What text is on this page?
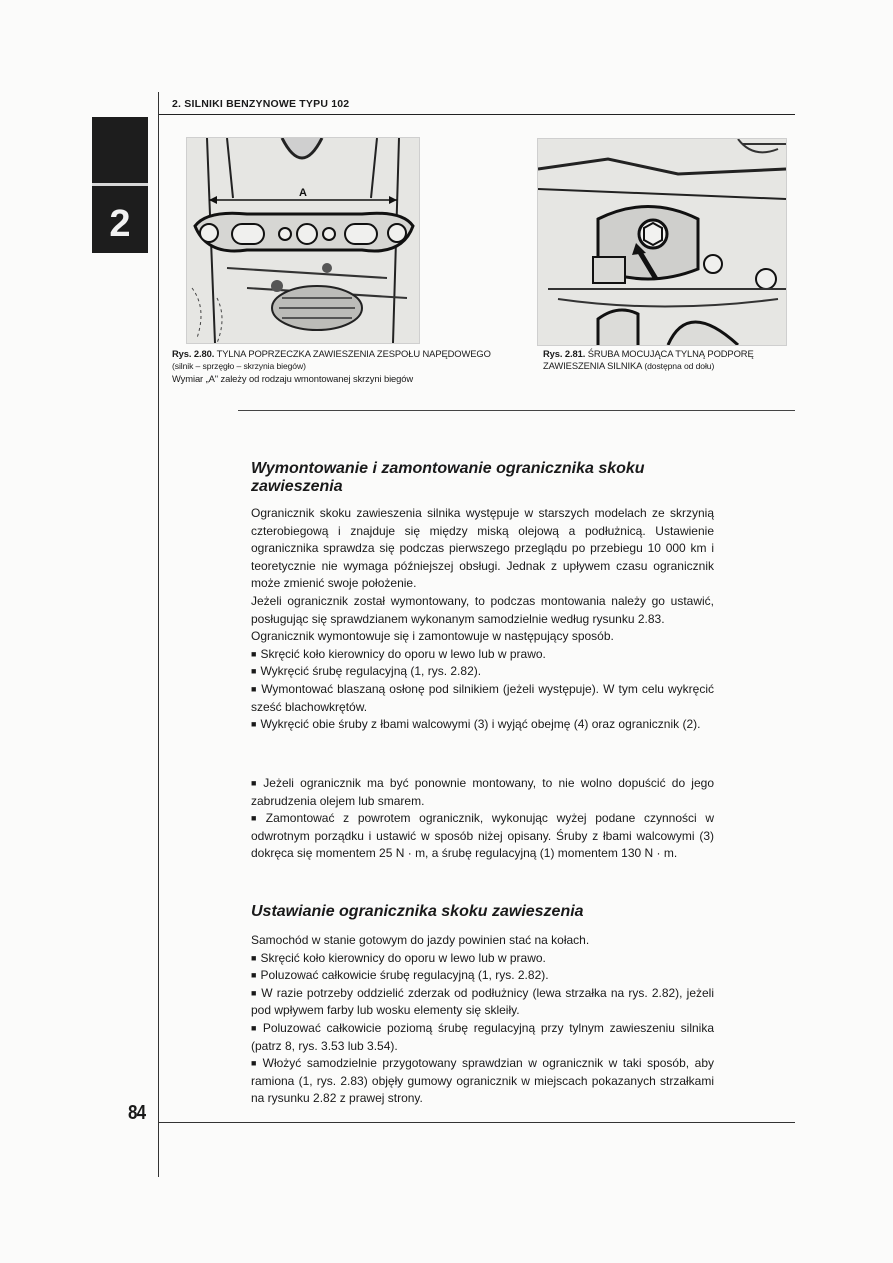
2. SILNIKI BENZYNOWE TYPU 102
2
A
Rys. 2.80. TYLNA POPRZECZKA ZAWIESZENIA ZESPOŁU NAPĘDOWEGO (silnik – sprzęgło – skrzynia biegów)
Wymiar „A" zależy od rodzaju wmontowanej skrzyni biegów
Rys. 2.81. ŚRUBA MOCUJĄCA TYLNĄ PODPORĘ ZAWIESZENIA SILNIKA (dostępna od dołu)
Wymontowanie i zamontowanie ogranicznika skoku zawieszenia

Ogranicznik skoku zawieszenia silnika występuje w starszych modelach ze skrzynią czterobiegową i znajduje się między miską olejową a podłużnicą. Ustawienie ogranicznika sprawdza się podczas pierwszego przeglądu po przebiegu 10 000 km i teoretycznie nie wymaga późniejszej obsługi. Jednak z upływem czasu ogranicznik może zmienić swoje położenie.

Jeżeli ogranicznik został wymontowany, to podczas montowania należy go ustawić, posługując się sprawdzianem wykonanym samodzielnie według rysunku 2.83.

Ogranicznik wymontowuje się i zamontowuje w następujący sposób.

■ Skręcić koło kierownicy do oporu w lewo lub w prawo.

■ Wykręcić śrubę regulacyjną (1, rys. 2.82).

■ Wymontować blaszaną osłonę pod silnikiem (jeżeli występuje). W tym celu wykręcić sześć blachowkrętów.

■ Wykręcić obie śruby z łbami walcowymi (3) i wyjąć obejmę (4) oraz ogranicznik (2).

■ Jeżeli ogranicznik ma być ponownie montowany, to nie wolno dopuścić do jego zabrudzenia olejem lub smarem.

■ Zamontować z powrotem ogranicznik, wykonując wyżej podane czynności w odwrotnym porządku i ustawić w sposób niżej opisany. Śruby z łbami walcowymi (3) dokręca się momentem 25 N · m, a śrubę regulacyjną (1) momentem 130 N · m.

Ustawianie ogranicznika skoku zawieszenia

Samochód w stanie gotowym do jazdy powinien stać na kołach.

■ Skręcić koło kierownicy do oporu w lewo lub w prawo.

■ Poluzować całkowicie śrubę regulacyjną (1, rys. 2.82).

■ W razie potrzeby oddzielić zderzak od podłużnicy (lewa strzałka na rys. 2.82), jeżeli pod wpływem farby lub wosku elementy się skleiły.

■ Poluzować całkowicie poziomą śrubę regulacyjną przy tylnym zawieszeniu silnika (patrz 8, rys. 3.53 lub 3.54).

■ Włożyć samodzielnie przygotowany sprawdzian w ogranicznik w taki sposób, aby ramiona (1, rys. 2.83) objęły gumowy ogranicznik w miejscach pokazanych strzałkami na rysunku 2.82 z prawej strony.

84
